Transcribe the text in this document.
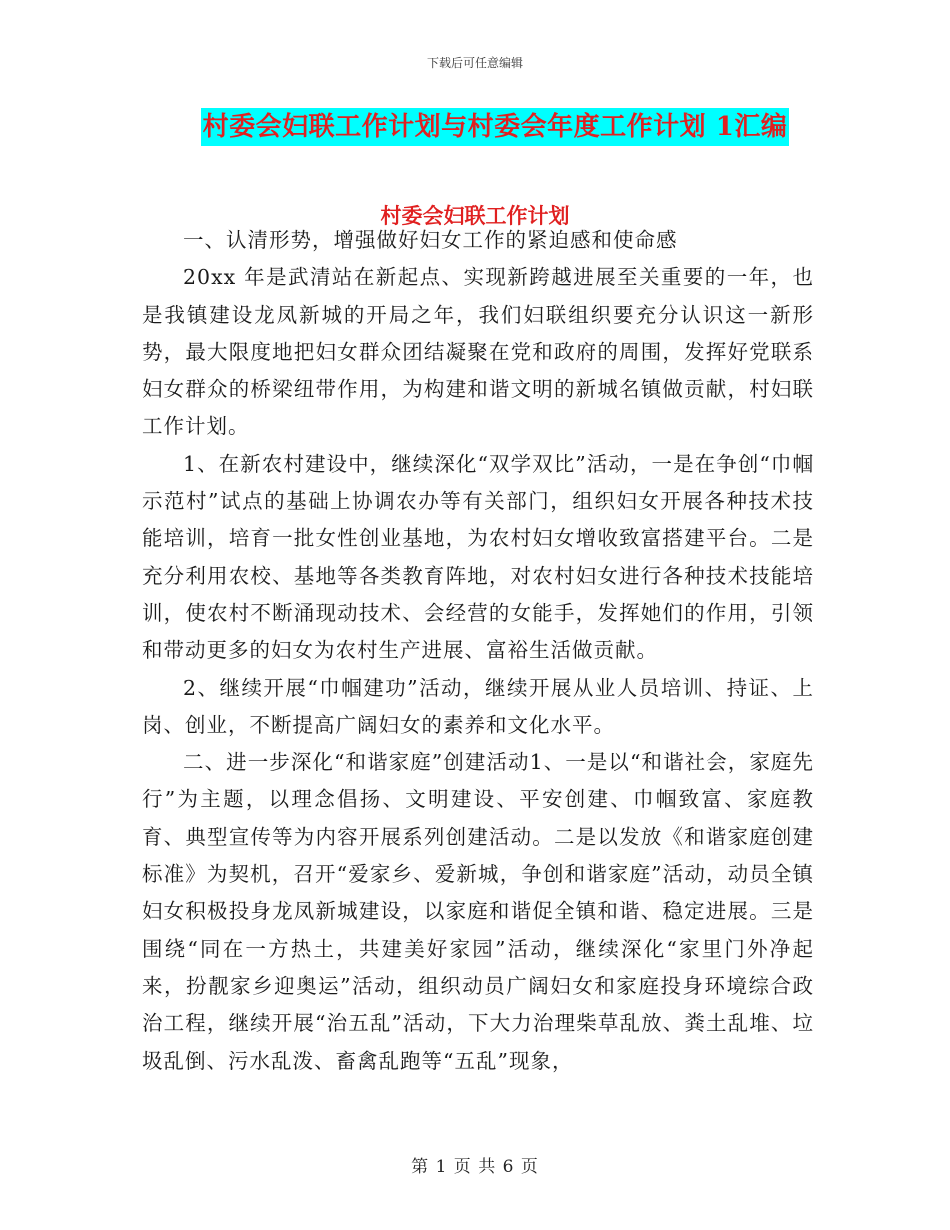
下载后可任意编辑
村委会妇联工作计划与村委会年度工作计划 1汇编
村委会妇联工作计划

一、认清形势，增强做好妇女工作的紧迫感和使命感

20xx 年是武清站在新起点、实现新跨越进展至关重要的一年，也是我镇建设龙凤新城的开局之年，我们妇联组织要充分认识这一新形势，最大限度地把妇女群众团结凝聚在党和政府的周围，发挥好党联系妇女群众的桥梁纽带作用，为构建和谐文明的新城名镇做贡献，村妇联工作计划。

1、在新农村建设中，继续深化“双学双比”活动，一是在争创“巾帼示范村”试点的基础上协调农办等有关部门，组织妇女开展各种技术技能培训，培育一批女性创业基地，为农村妇女增收致富搭建平台。二是充分利用农校、基地等各类教育阵地，对农村妇女进行各种技术技能培训，使农村不断涌现动技术、会经营的女能手，发挥她们的作用，引领和带动更多的妇女为农村生产进展、富裕生活做贡献。

2、继续开展“巾帼建功”活动，继续开展从业人员培训、持证、上岗、创业，不断提高广阔妇女的素养和文化水平。

二、进一步深化“和谐家庭”创建活动1、一是以“和谐社会，家庭先行”为主题，以理念倡扬、文明建设、平安创建、巾帼致富、家庭教育、典型宣传等为内容开展系列创建活动。二是以发放《和谐家庭创建标准》为契机，召开“爱家乡、爱新城，争创和谐家庭”活动，动员全镇妇女积极投身龙凤新城建设，以家庭和谐促全镇和谐、稳定进展。三是围绕“同在一方热土，共建美好家园”活动，继续深化“家里门外净起来，扮靓家乡迎奥运”活动，组织动员广阔妇女和家庭投身环境综合政治工程，继续开展“治五乱”活动，下大力治理柴草乱放、粪土乱堆、垃圾乱倒、污水乱泼、畜禽乱跑等“五乱”现象，

第 1 页 共 6 页
